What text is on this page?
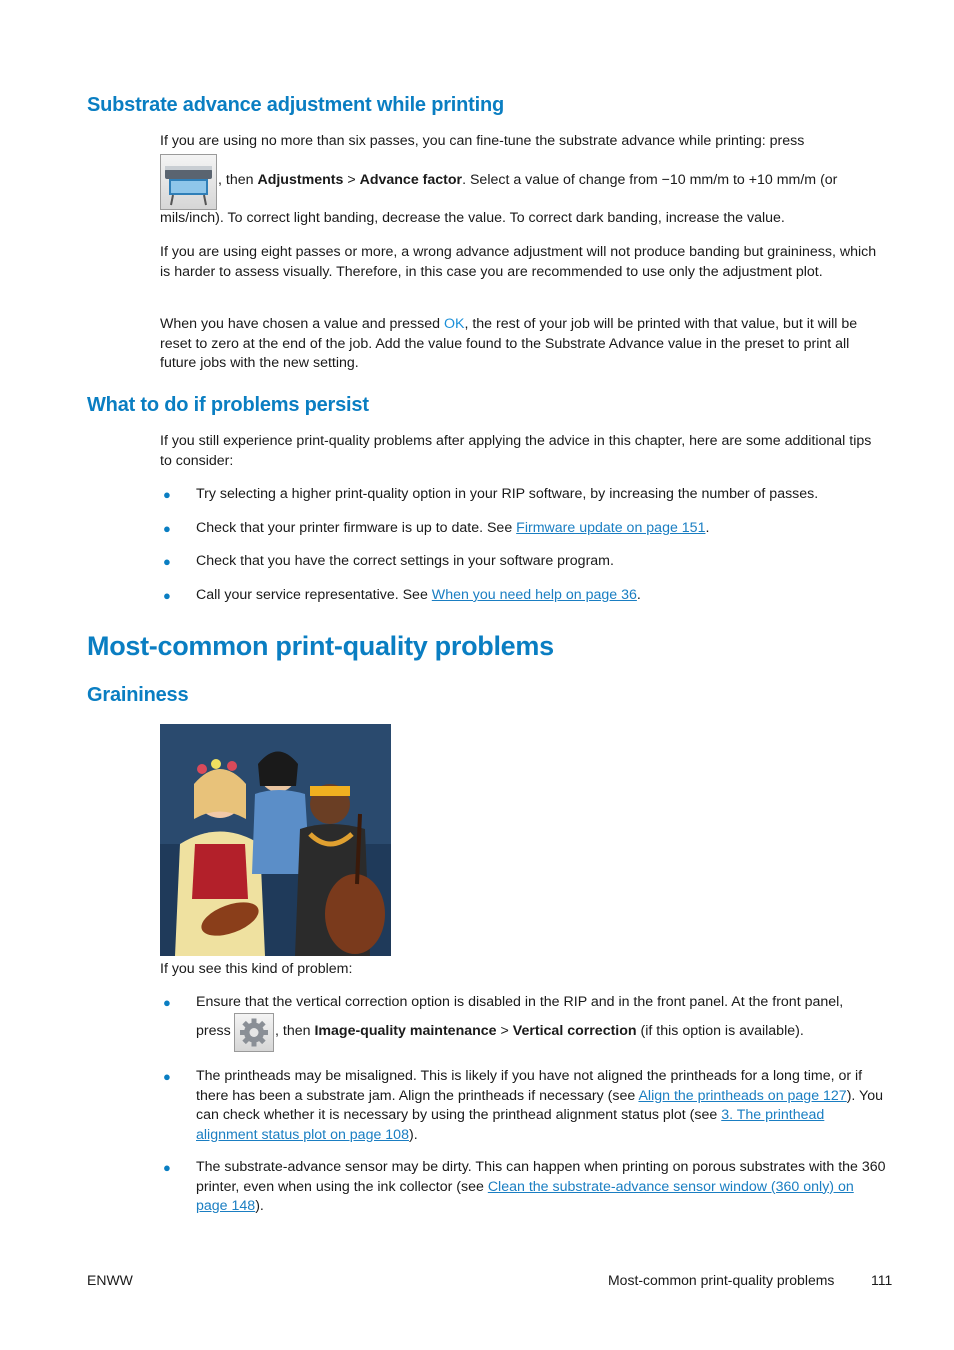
Substrate advance adjustment while printing

If you are using no more than six passes, you can fine-tune the substrate advance while printing: press

, then Adjustments > Advance factor. Select a value of change from −10 mm/m to +10 mm/m (or

mils/inch). To correct light banding, decrease the value. To correct dark banding, increase the value.

If you are using eight passes or more, a wrong advance adjustment will not produce banding but graininess, which is harder to assess visually. Therefore, in this case you are recommended to use only the adjustment plot.

When you have chosen a value and pressed OK, the rest of your job will be printed with that value, but it will be reset to zero at the end of the job. Add the value found to the Substrate Advance value in the preset to print all future jobs with the new setting.

What to do if problems persist

If you still experience print-quality problems after applying the advice in this chapter, here are some additional tips to consider:

● Try selecting a higher print-quality option in your RIP software, by increasing the number of passes.

● Check that your printer firmware is up to date. See Firmware update on page 151.

● Check that you have the correct settings in your software program.

● Call your service representative. See When you need help on page 36.

Most-common print-quality problems
Graininess

If you see this kind of problem:

● Ensure that the vertical correction option is disabled in the RIP and in the front panel. At the front panel,

press	, then Image-quality maintenance > Vertical correction (if this option is available).

● The printheads may be misaligned. This is likely if you have not aligned the printheads for a long time, or if there has been a substrate jam. Align the printheads if necessary (see Align the printheads on page 127). You can check whether it is necessary by using the printhead alignment status plot (see 3. The printhead alignment status plot on page 108).

● The substrate-advance sensor may be dirty. This can happen when printing on porous substrates with the 360 printer, even when using the ink collector (see Clean the substrate-advance sensor window (360 only) on page 148).

ENWW	Most-common print-quality problems	111
